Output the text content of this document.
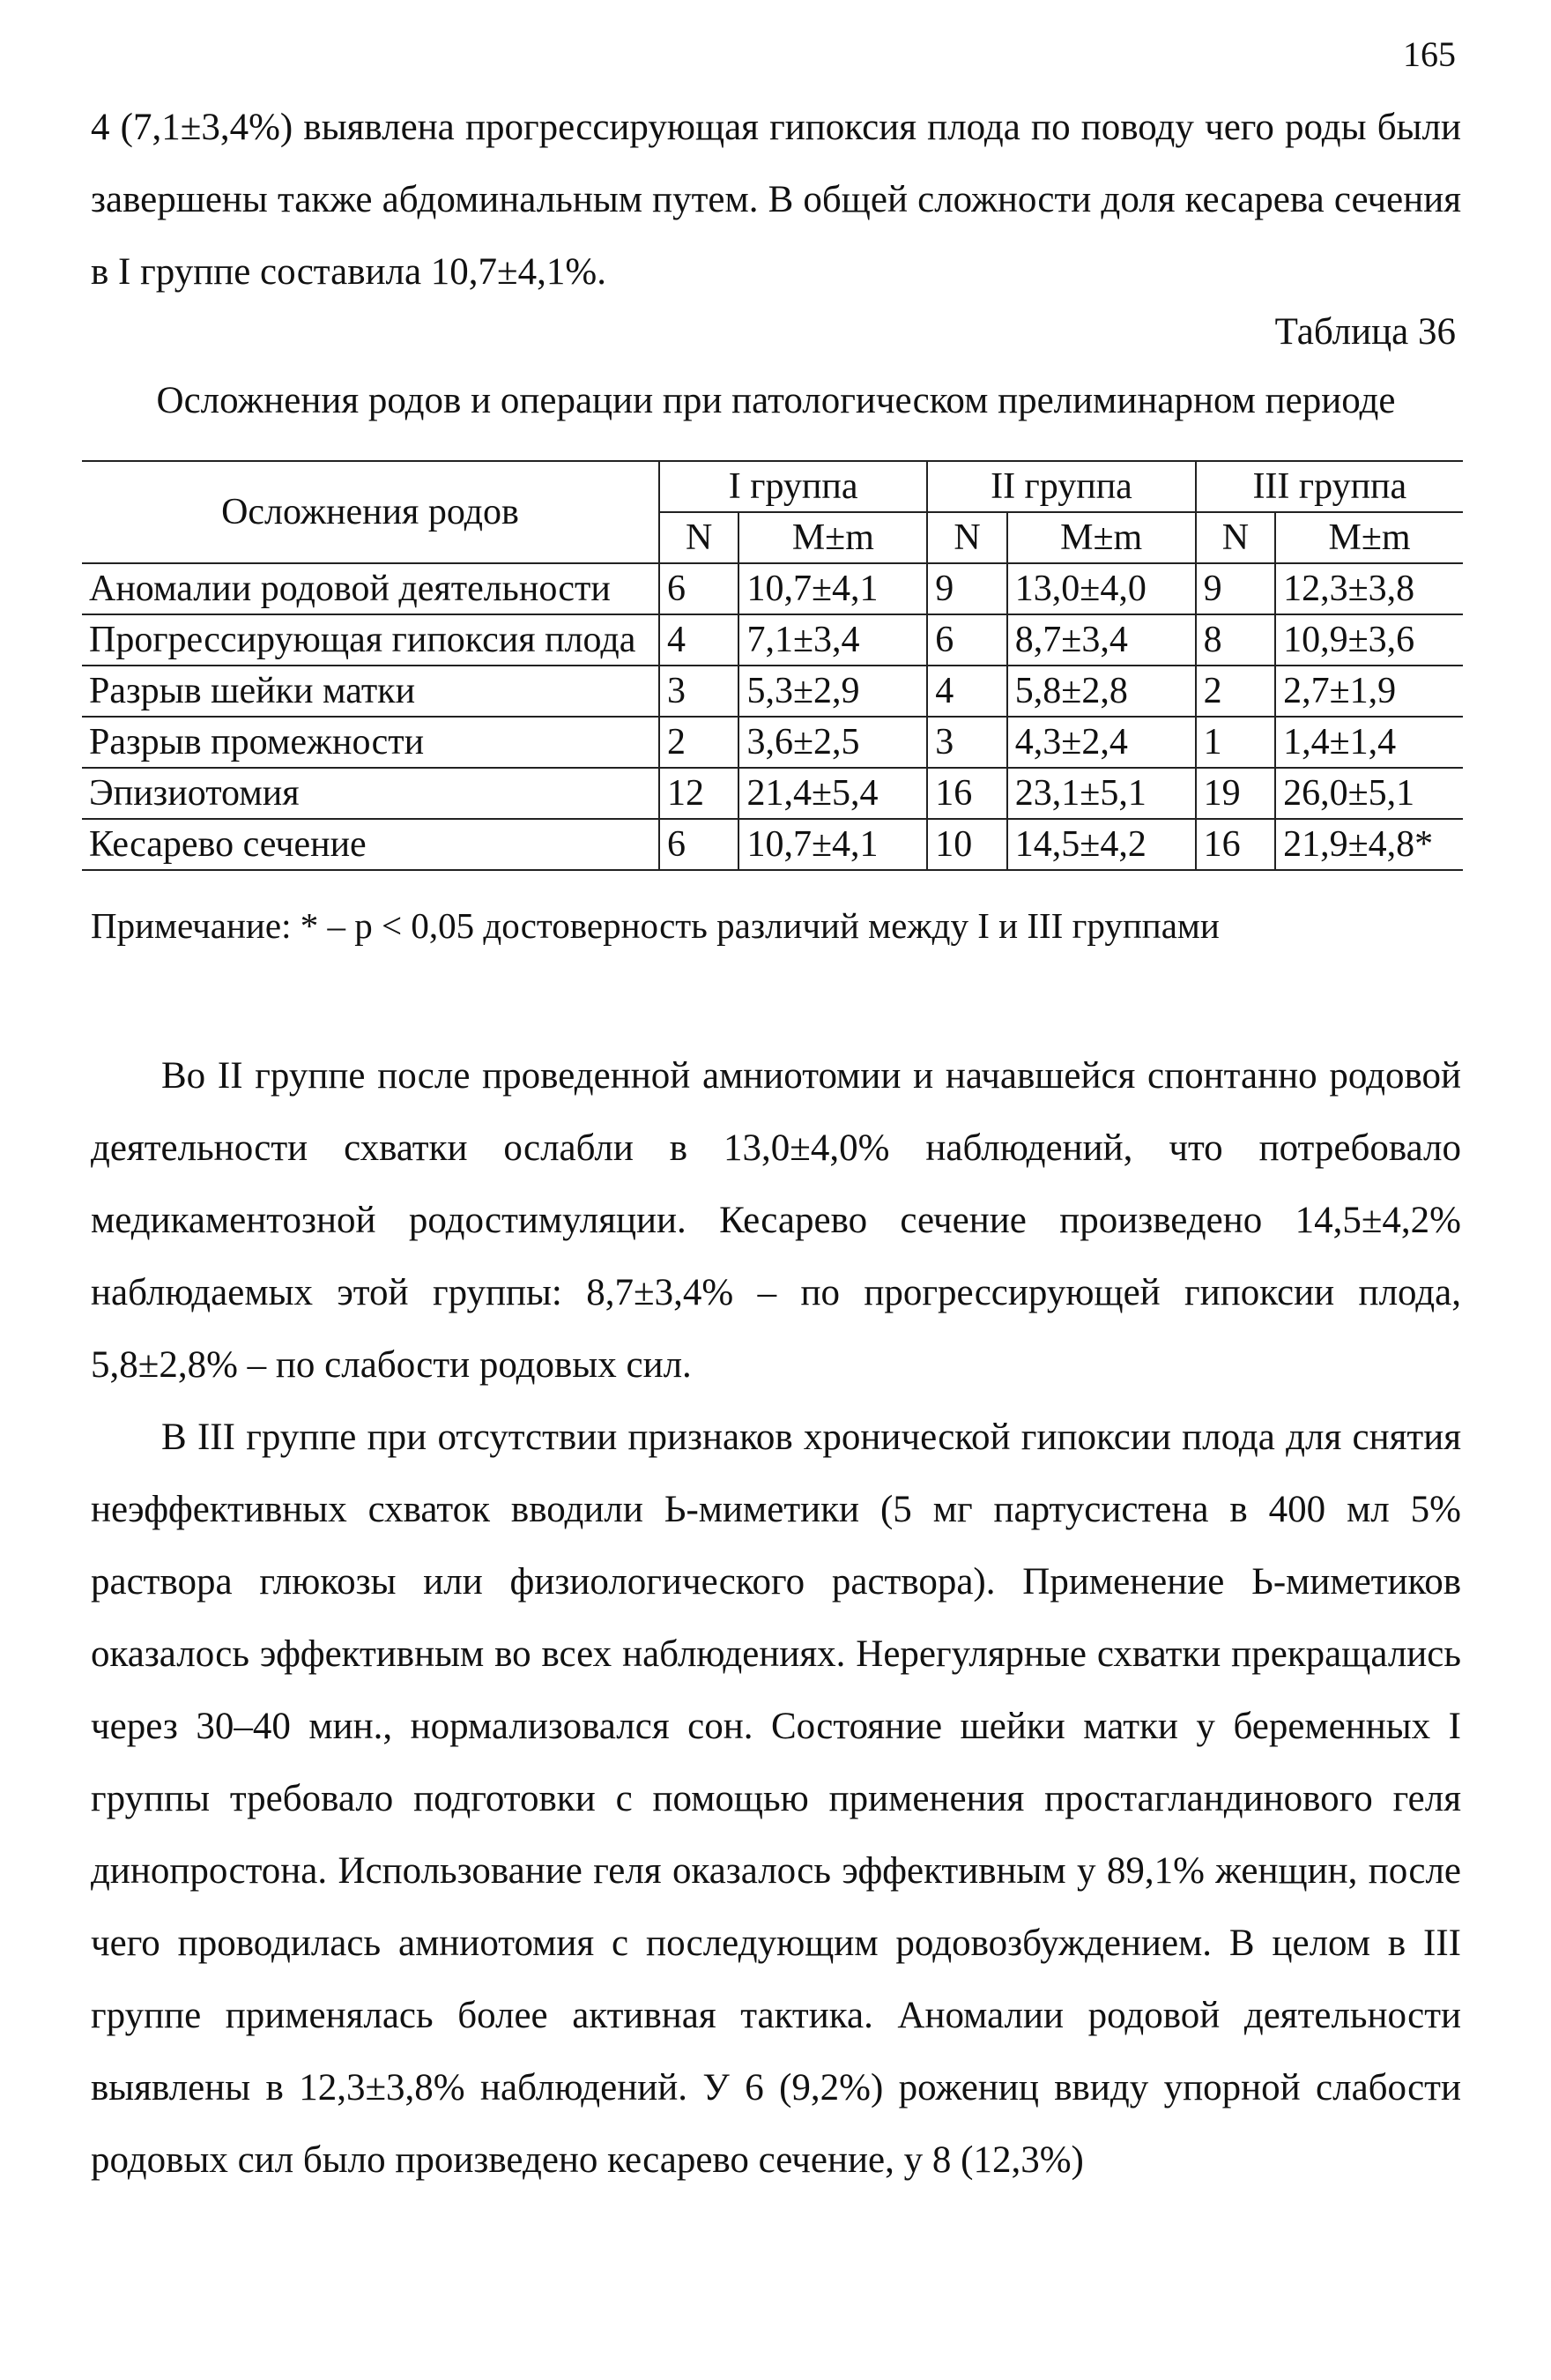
165

4 (7,1±3,4%) выявлена прогрессирующая гипоксия плода по поводу чего роды были завершены также абдоминальным путем. В общей сложности доля кесарева сечения в I группе составила 10,7±4,1%.

Таблица 36
Осложнения родов и операции при патологическом прелиминарном периоде
Осложнения родов	I группа		II группа		III группа	
	N	M±m	N	M±m	N	M±m
Аномалии родовой деятельности	6	10,7±4,1	9	13,0±4,0	9	12,3±3,8
Прогрессирующая гипоксия плода	4	7,1±3,4	6	8,7±3,4	8	10,9±3,6
Разрыв шейки матки	3	5,3±2,9	4	5,8±2,8	2	2,7±1,9
Разрыв промежности	2	3,6±2,5	3	4,3±2,4	1	1,4±1,4
Эпизиотомия	12	21,4±5,4	16	23,1±5,1	19	26,0±5,1
Кесарево сечение	6	10,7±4,1	10	14,5±4,2	16	21,9±4,8*
Примечание: * – р < 0,05 достоверность различий между I и III группами

Во II группе после проведенной амниотомии и начавшейся спонтанно родовой деятельности схватки ослабли в 13,0±4,0% наблюдений, что потребовало медикаментозной родостимуляции. Кесарево сечение произведено 14,5±4,2% наблюдаемых этой группы: 8,7±3,4% – по прогрессирующей гипоксии плода, 5,8±2,8% – по слабости родовых сил.

В III группе при отсутствии признаков хронической гипоксии плода для снятия неэффективных схваток вводили Ь-миметики (5 мг партусистена в 400 мл 5% раствора глюкозы или физиологического раствора). Применение Ь-миметиков оказалось эффективным во всех наблюдениях. Нерегулярные схватки прекращались через 30–40 мин., нормализовался сон. Состояние шейки матки у беременных I группы требовало подготовки с помощью применения простагландинового геля динопростона. Использование геля оказалось эффективным у 89,1% женщин, после чего проводилась амниотомия с последующим родовозбуждением. В целом в III группе применялась более активная тактика. Аномалии родовой деятельности выявлены в 12,3±3,8% наблюдений. У 6 (9,2%) рожениц ввиду упорной слабости родовых сил было произведено кесарево сечение, у 8 (12,3%)
